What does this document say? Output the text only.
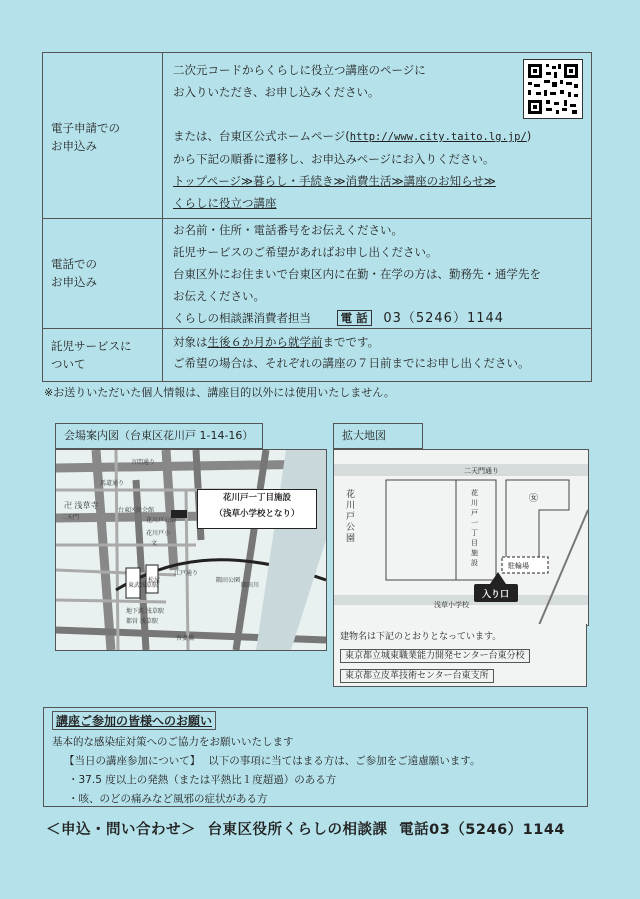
電子申請での
お申込み
二次元コードからくらしに役立つ講座のページに
お入りいただき、お申し込みください。
または、台東区公式ホームページ(http://www.city.taito.lg.jp/)
から下記の順番に遷移し、お申込みページにお入りください。
トップページ≫暮らし・手続き≫消費生活≫講座のお知らせ≫
くらしに役立つ講座
電話での
お申込み
お名前・住所・電話番号をお伝えください。
託児サービスのご希望があればお申し出ください。
台東区外にお住まいで台東区内に在勤・在学の方は、勤務先・通学先を
お伝えください。
くらしの相談課消費者担当	電 話 03（5246）1144
託児サービスに
ついて
対象は生後６か月から就学前までです。
ご希望の場合は、それぞれの講座の７日前までにお申し出ください。
※お送りいただいた個人情報は、講座目的以外には使用いたしません。
会場案内図（台東区花川戸 1-14-16）
言問通り
馬道通り
卍 浅草寺
二天門
台東区民会館
花川戸公園
花川戸小
文
江戸通り
隅田公園
隅田川
東武浅草駅
松屋
地下鉄 浅草駅
都営 浅草駅
吾妻橋
花川戸一丁目施設
（浅草小学校となり）
拡大地図
二天門通り
花川戸公園
花川戸一丁目施設	駐輪場
㊛
浅草小学校
入り口
建物名は下記のとおりとなっています。
東京都立城東職業能力開発センター台東分校
東京都立皮革技術センター台東支所
講座ご参加の皆様へのお願い
基本的な感染症対策へのご協力をお願いいたします
【当日の講座参加について】 以下の事項に当てはまる方は、ご参加をご遠慮願います。
・37.5 度以上の発熱（または平熱比１度超過）のある方
・咳、のどの痛みなど風邪の症状がある方
＜申込・問い合わせ＞ 台東区役所くらしの相談課 電話03（5246）1144
